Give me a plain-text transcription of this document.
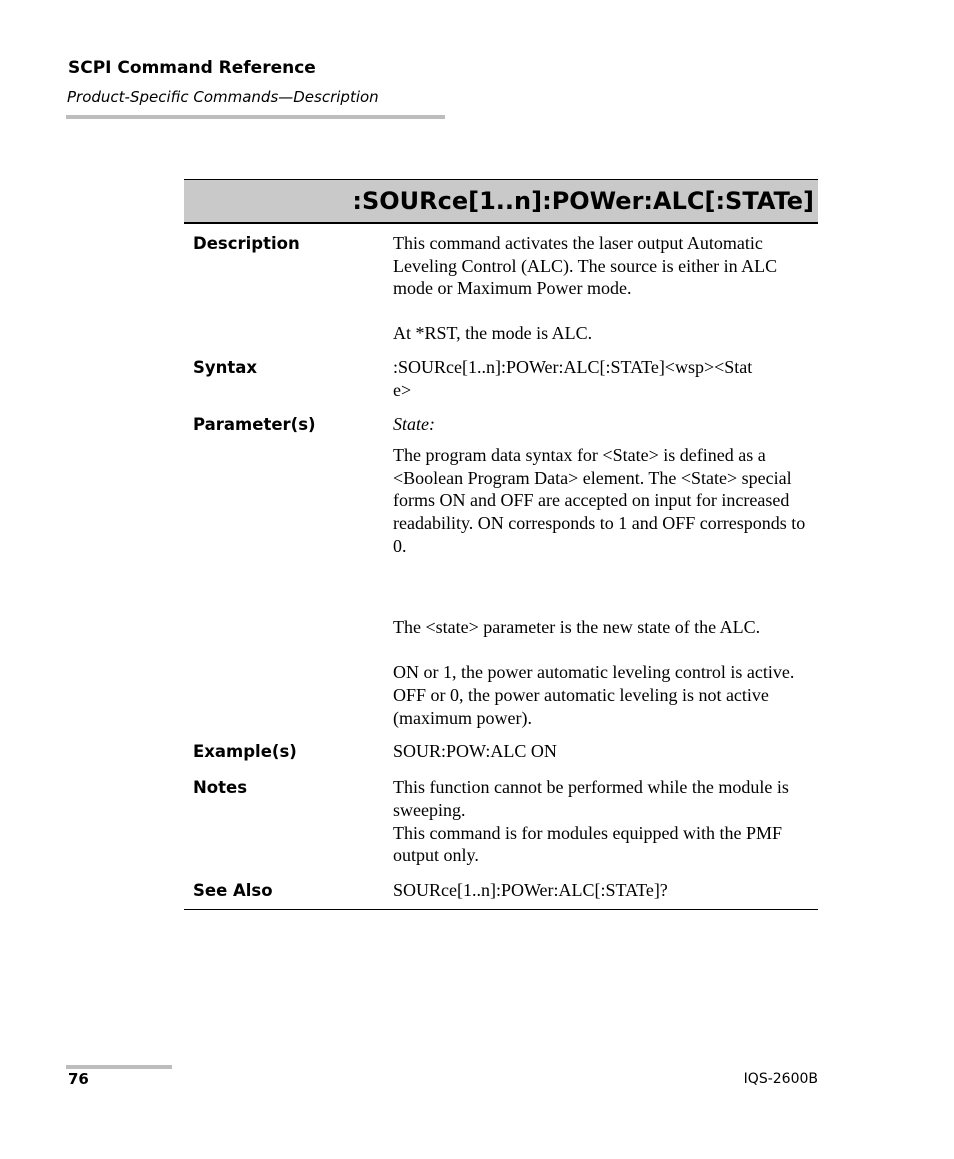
SCPI Command Reference
Product-Specific Commands—Description
:SOURce[1..n]:POWer:ALC[:STATe]
Description	This command activates the laser output Automatic Leveling Control (ALC). The source is either in ALC mode or Maximum Power mode.

At *RST, the mode is ALC.

Syntax	:SOURce[1..n]:POWer:ALC[:STATe]<wsp><Stat

e>

Parameter(s)	State:

The program data syntax for <State> is defined as a <Boolean Program Data> element. The <State> special forms ON and OFF are accepted on input for increased readability. ON corresponds to 1 and OFF corresponds to 0.

The <state> parameter is the new state of the ALC.

ON or 1, the power automatic leveling control is active.

OFF or 0, the power automatic leveling is not active (maximum power).

Example(s)	SOUR:POW:ALC ON
Notes	This function cannot be performed while the module is sweeping.

This command is for modules equipped with the PMF output only.

See Also	SOURce[1..n]:POWer:ALC[:STATe]?
76	IQS-2600B
